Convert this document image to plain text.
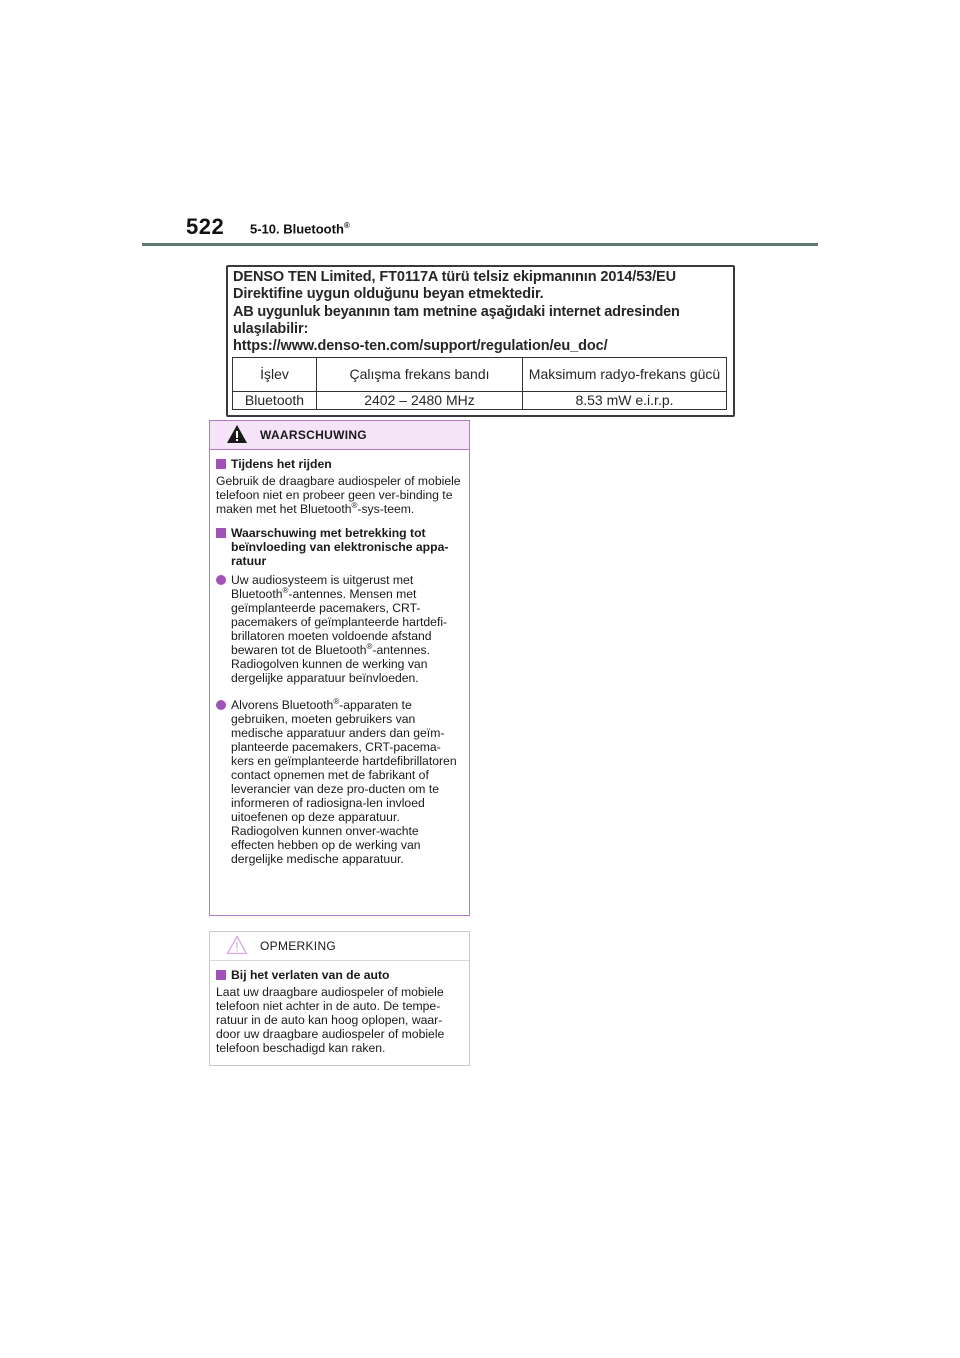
522 5-10. Bluetooth®
DENSO TEN Limited, FT0117A türü telsiz ekipmanının 2014/53/EU
Direktifine uygun olduğunu beyan etmektedir.
AB uygunluk beyanının tam metnine aşağıdaki internet adresinden
ulaşılabilir:
https://www.denso-ten.com/support/regulation/eu_doc/
İşlev	Çalışma frekans bandı	Maksimum radyo-frekans gücü
Bluetooth	2402 – 2480 MHz	8.53 mW e.i.r.p.
WAARSCHUWING
Tijdens het rijden
Gebruik de draagbare audiospeler of mobiele telefoon niet en probeer geen ver-binding te maken met het Bluetooth®-sys-teem.
Waarschuwing met betrekking tot beïnvloeding van elektronische appa-ratuur
Uw audiosysteem is uitgerust met Bluetooth®-antennes. Mensen met geïmplanteerde pacemakers, CRT-pacemakers of geïmplanteerde hartdefi-brillatoren moeten voldoende afstand bewaren tot de Bluetooth®-antennes. Radiogolven kunnen de werking van dergelijke apparatuur beïnvloeden.
Alvorens Bluetooth®-apparaten te gebruiken, moeten gebruikers van medische apparatuur anders dan geïm-planteerde pacemakers, CRT-pacema-kers en geïmplanteerde hartdefibrillatoren contact opnemen met de fabrikant of leverancier van deze pro-ducten om te informeren of radiosigna-len invloed uitoefenen op deze apparatuur. Radiogolven kunnen onver-wachte effecten hebben op de werking van dergelijke medische apparatuur.
OPMERKING
Bij het verlaten van de auto
Laat uw draagbare audiospeler of mobiele telefoon niet achter in de auto. De tempe-ratuur in de auto kan hoog oplopen, waar-door uw draagbare audiospeler of mobiele telefoon beschadigd kan raken.
